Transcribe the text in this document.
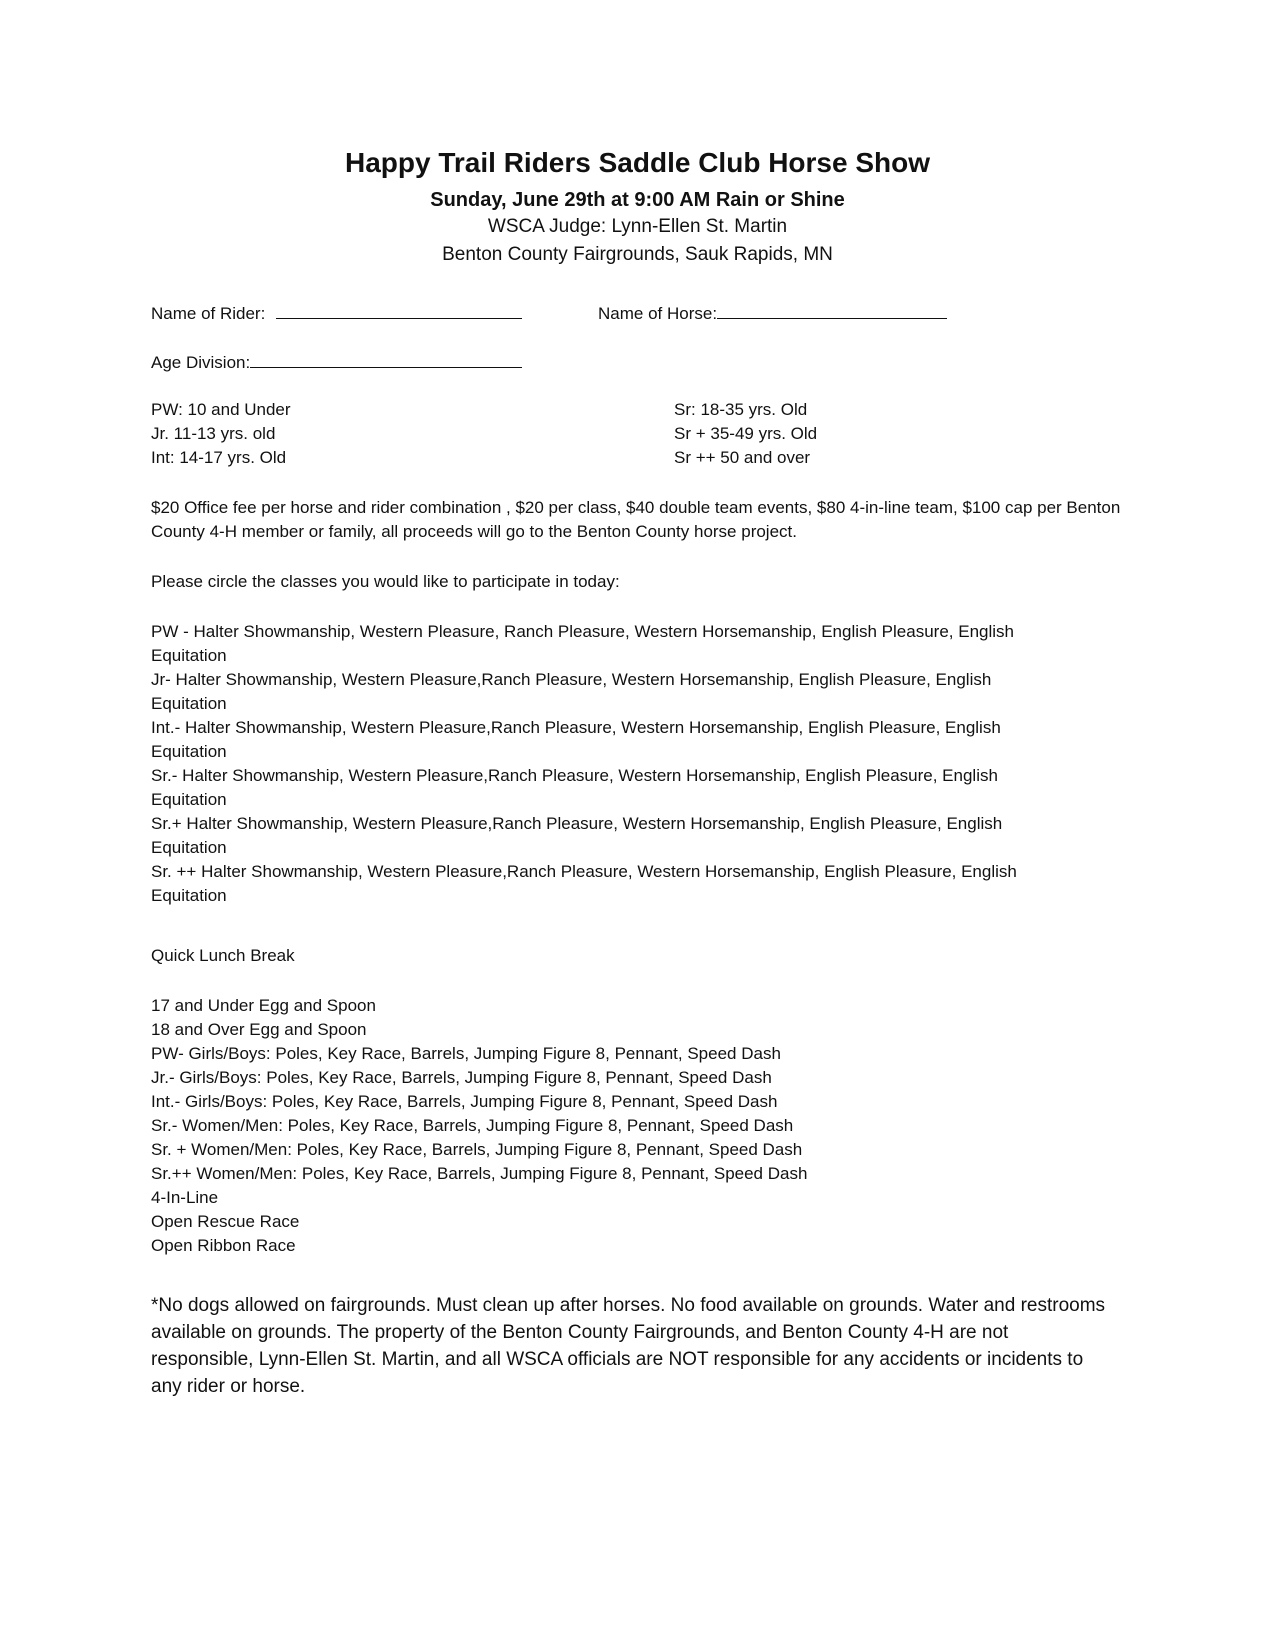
Happy Trail Riders Saddle Club Horse Show
Sunday, June 29th at 9:00 AM Rain or Shine
WSCA Judge: Lynn-Ellen St. Martin
Benton County Fairgrounds, Sauk Rapids, MN
Name of Rider:	Name of Horse:
Age Division:
PW: 10 and Under
Jr. 11-13 yrs. old
Int: 14-17 yrs. Old
Sr: 18-35 yrs. Old
Sr + 35-49 yrs. Old
Sr ++ 50 and over
$20 Office fee per horse and rider combination , $20 per class, $40 double team events, $80 4-in-line team, $100 cap per Benton County 4-H member or family, all proceeds will go to the Benton County horse project.
Please circle the classes you would like to participate in today:
PW - Halter Showmanship, Western Pleasure, Ranch Pleasure, Western Horsemanship, English Pleasure, English
Equitation
Jr- Halter Showmanship, Western Pleasure,Ranch Pleasure, Western Horsemanship, English Pleasure, English
Equitation
Int.- Halter Showmanship, Western Pleasure,Ranch Pleasure, Western Horsemanship, English Pleasure, English
Equitation
Sr.- Halter Showmanship, Western Pleasure,Ranch Pleasure, Western Horsemanship, English Pleasure, English
Equitation
Sr.+ Halter Showmanship, Western Pleasure,Ranch Pleasure, Western Horsemanship, English Pleasure, English
Equitation
Sr. ++ Halter Showmanship, Western Pleasure,Ranch Pleasure, Western Horsemanship, English Pleasure, English
Equitation
Quick Lunch Break
17 and Under Egg and Spoon
18 and Over Egg and Spoon
PW- Girls/Boys: Poles, Key Race, Barrels, Jumping Figure 8, Pennant, Speed Dash
Jr.- Girls/Boys: Poles, Key Race, Barrels, Jumping Figure 8, Pennant, Speed Dash
Int.- Girls/Boys: Poles, Key Race, Barrels, Jumping Figure 8, Pennant, Speed Dash
Sr.- Women/Men: Poles, Key Race, Barrels, Jumping Figure 8, Pennant, Speed Dash
Sr. + Women/Men: Poles, Key Race, Barrels, Jumping Figure 8, Pennant, Speed Dash
Sr.++ Women/Men: Poles, Key Race, Barrels, Jumping Figure 8, Pennant, Speed Dash
4-In-Line
Open Rescue Race
Open Ribbon Race
*No dogs allowed on fairgrounds. Must clean up after horses. No food available on grounds. Water and restrooms available on grounds. The property of the Benton County Fairgrounds, and Benton County 4-H are not responsible, Lynn-Ellen St. Martin, and all WSCA officials are NOT responsible for any accidents or incidents to any rider or horse.
